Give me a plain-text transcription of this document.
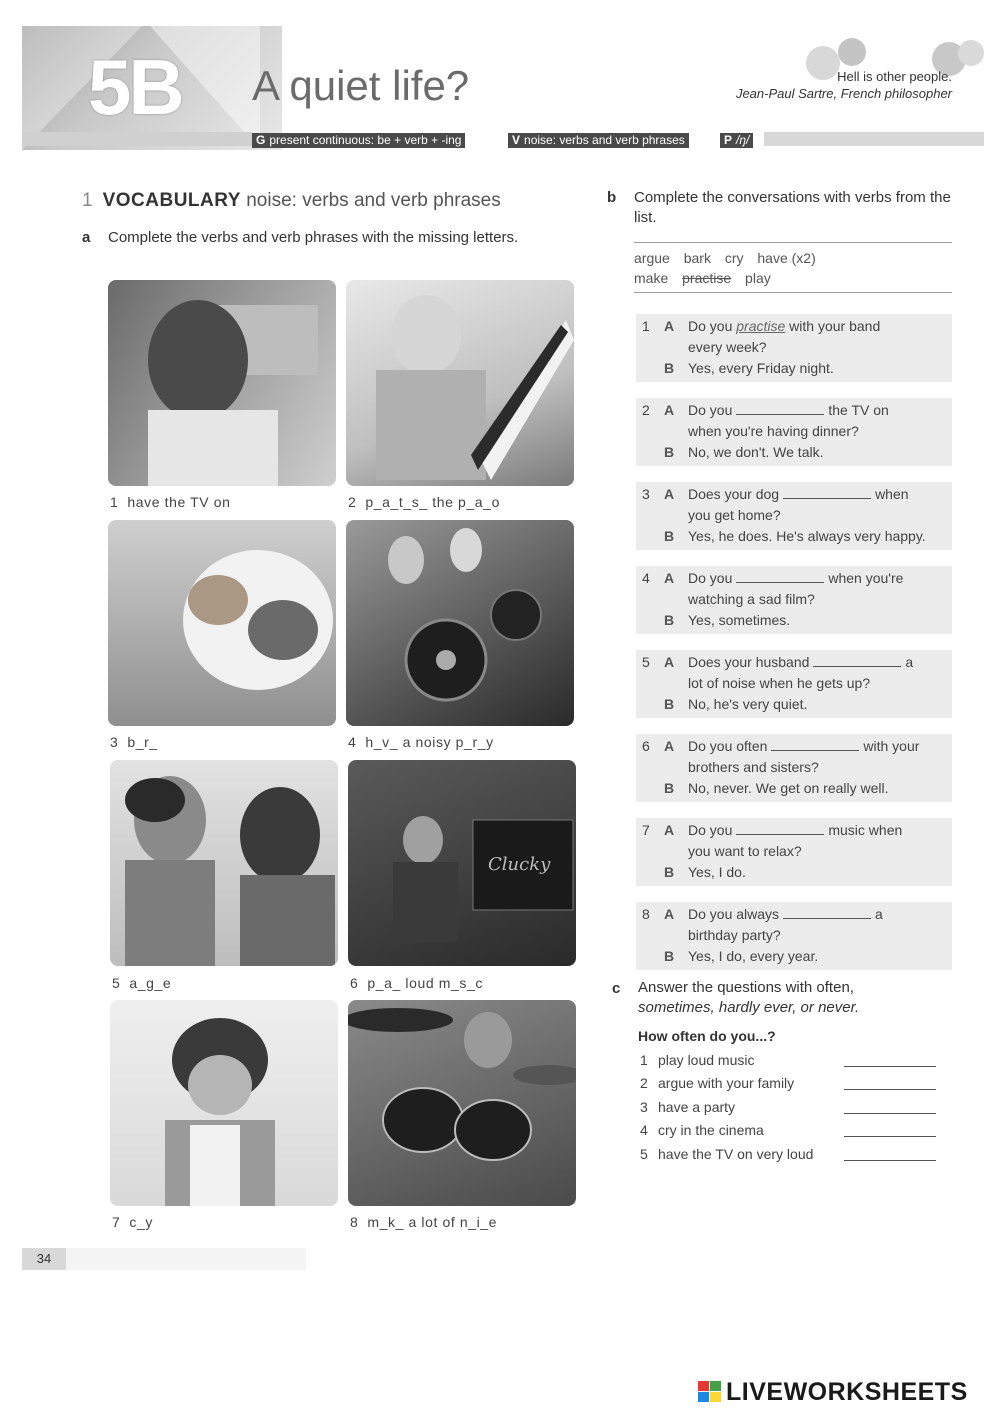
5B A quiet life?	Hell is other people.
Jean-Paul Sartre, French philosopher
G present continuous: be + verb + -ing	V noise: verbs and verb phrases	P /ŋ/
1 VOCABULARY noise: verbs and verb phrases
a Complete the verbs and verb phrases with the missing letters.
Clucky
1 have the TV on	2 p_a_t_s_ the p_a_o
3 b_r_	4 h_v_ a noisy p_r_y
5 a_g_e	6 p_a_ loud m_s_c
7 c_y	8 m_k_ a lot of n_i_e
b Complete the conversations with verbs from the list.
argue bark cry have (x2)
make practise play
1 A Do you practise with your band
every week?
B Yes, every Friday night.
2 A Do you	the TV on
when you're having dinner?
B No, we don't. We talk.
3 A Does your dog	when
you get home?
B Yes, he does. He's always very happy.
4 A Do you	when you're
watching a sad film?
B Yes, sometimes.
5 A Does your husband	a
lot of noise when he gets up?
B No, he's very quiet.
6 A Do you often	with your
brothers and sisters?
B No, never. We get on really well.
7 A Do you	music when
you want to relax?
B Yes, I do.
8 A Do you always	a
birthday party?
B Yes, I do, every year.
c Answer the questions with often,
sometimes, hardly ever, or never.
How often do you...?
1 play loud music
2 argue with your family
3 have a party
4 cry in the cinema
5 have the TV on very loud
34
LIVEWORKSHEETS
